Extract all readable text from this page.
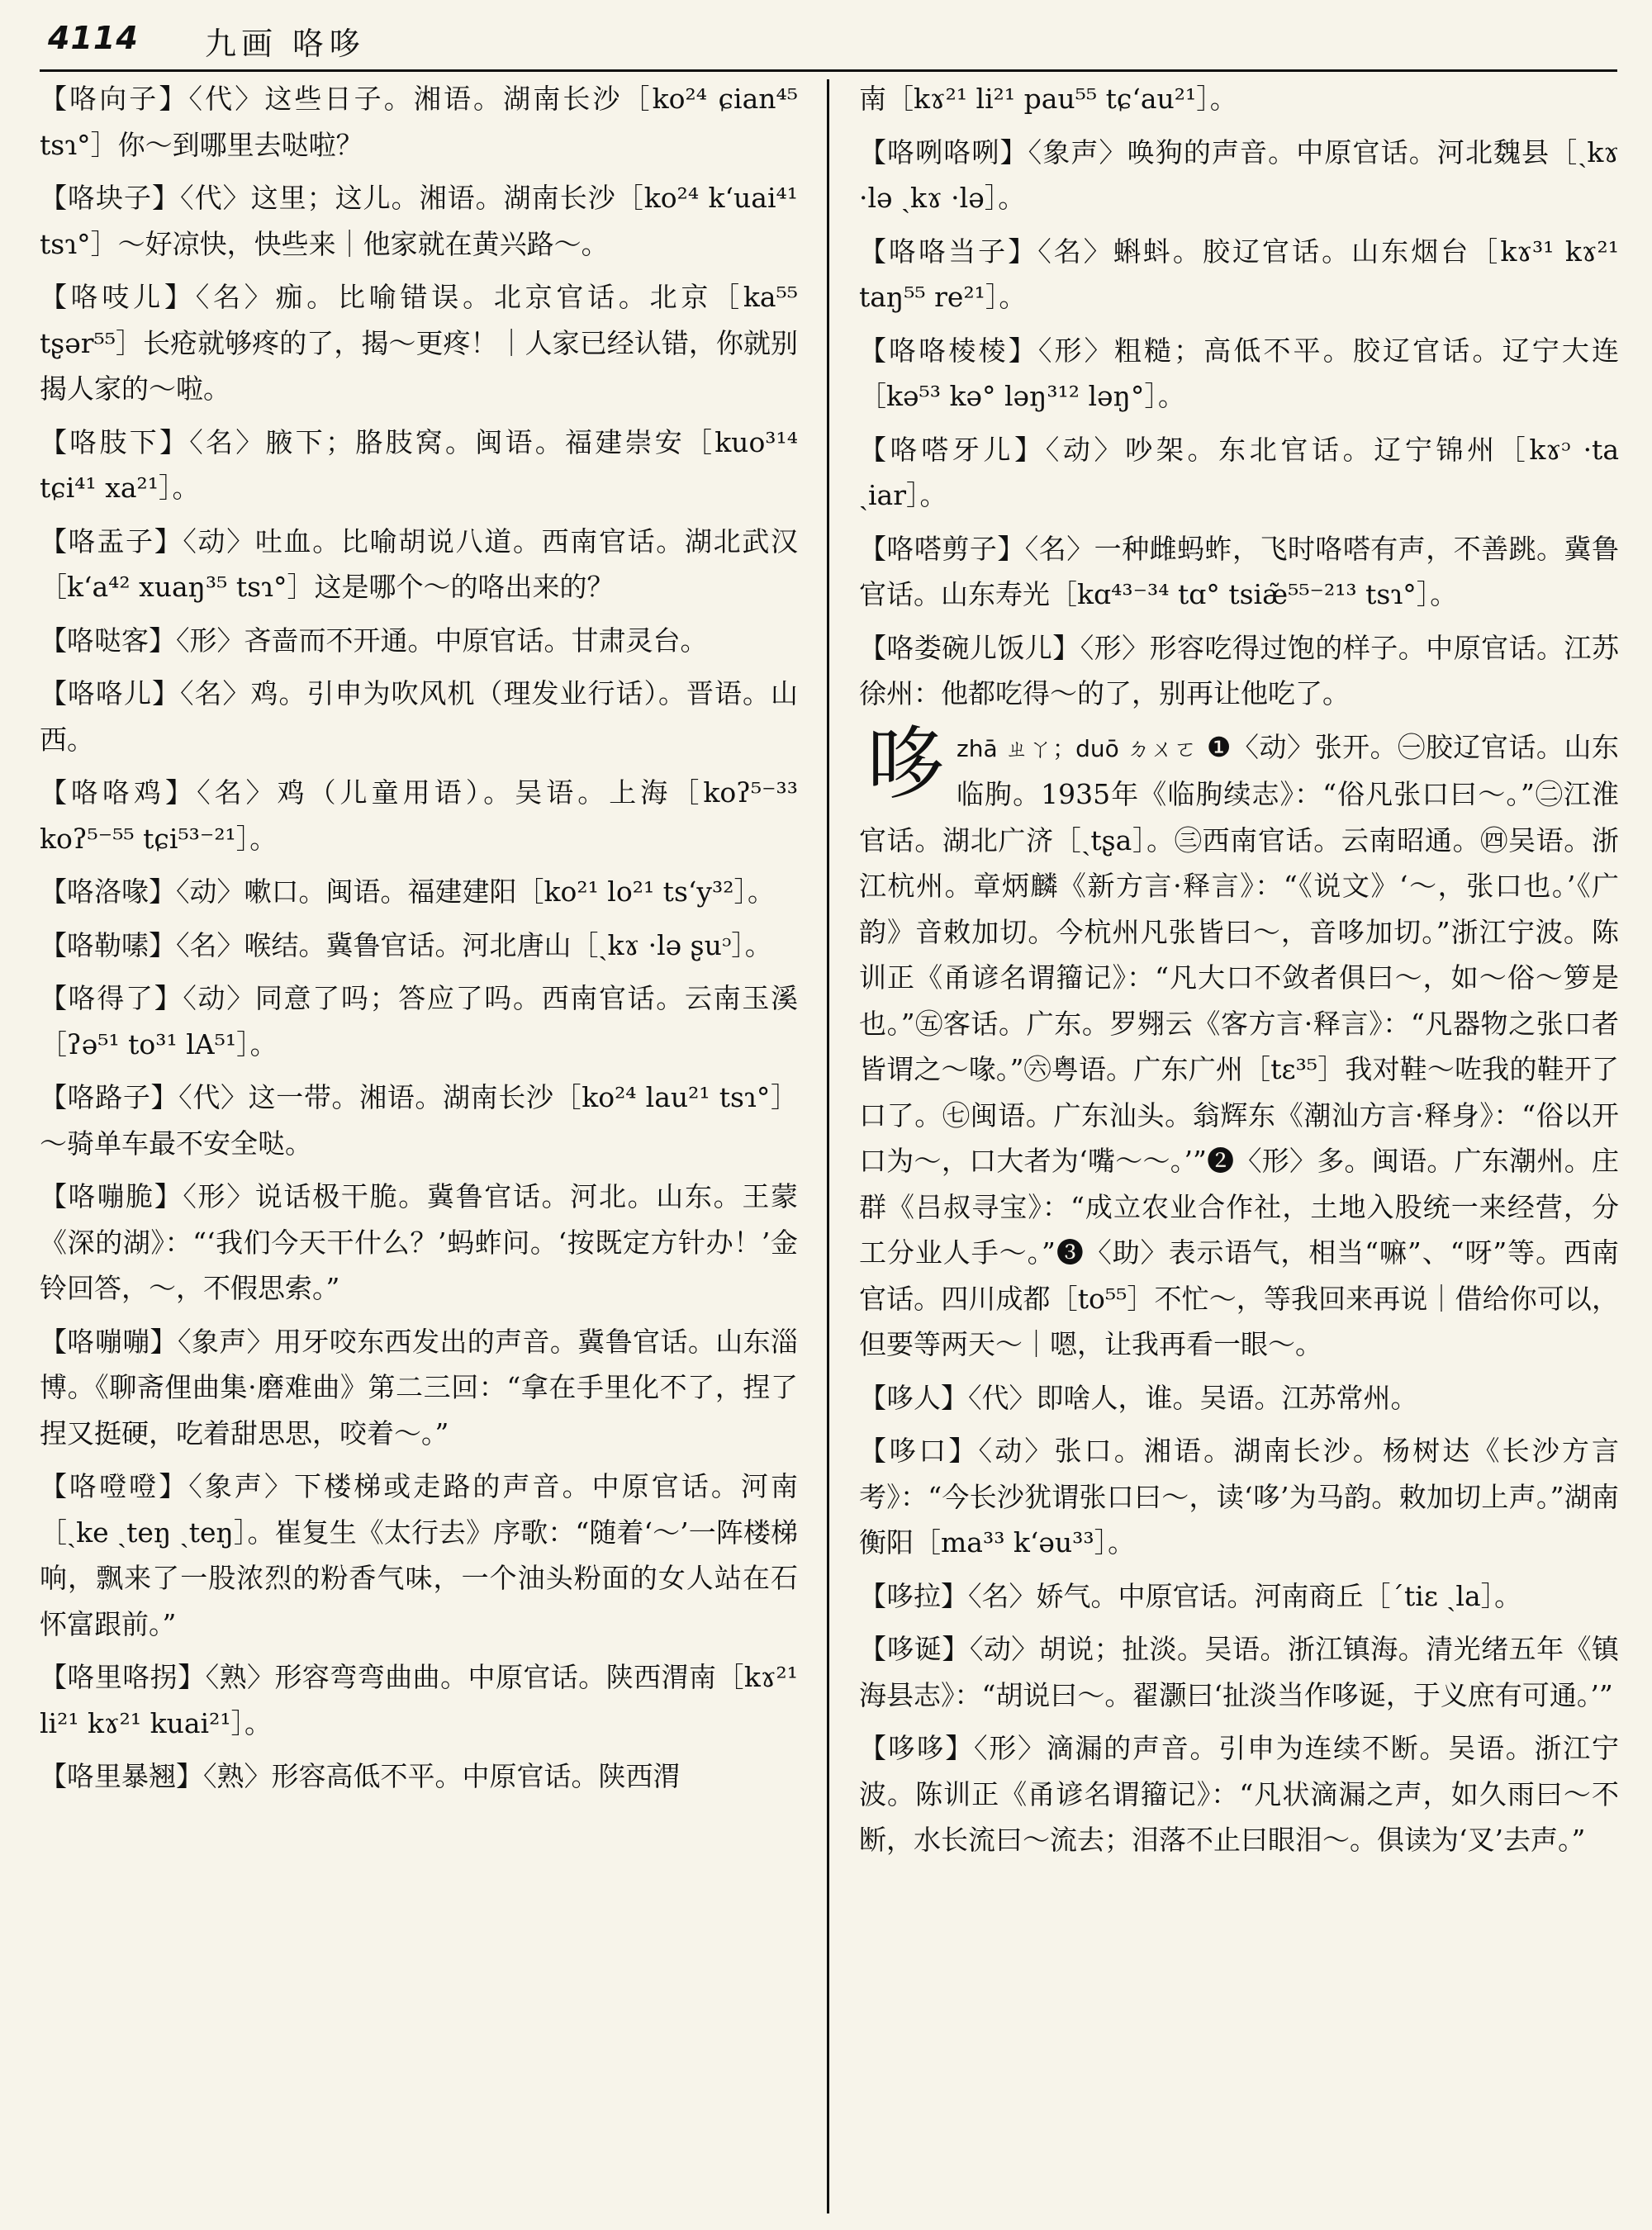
4114 九画 咯哆

【咯向子】〈代〉这些日子。湘语。湖南长沙［ko²⁴ ɕian⁴⁵ tsɿ°］你～到哪里去哒啦？

【咯块子】〈代〉这里；这儿。湘语。湖南长沙［ko²⁴ k‘uai⁴¹ tsɿ°］～好凉快，快些来｜他家就在黄兴路～。

【咯吱儿】〈名〉痂。比喻错误。北京官话。北京［ka⁵⁵ tʂər⁵⁵］长疮就够疼的了，揭～更疼！｜人家已经认错，你就别揭人家的～啦。

【咯肢下】〈名〉腋下；胳肢窝。闽语。福建崇安［kuo³¹⁴ tɕi⁴¹ xa²¹］。

【咯盂子】〈动〉吐血。比喻胡说八道。西南官话。湖北武汉［k‘a⁴² xuaŋ³⁵ tsɿ°］这是哪个～的咯出来的？

【咯哒客】〈形〉吝啬而不开通。中原官话。甘肃灵台。

【咯咯儿】〈名〉鸡。引申为吹风机（理发业行话）。晋语。山西。

【咯咯鸡】〈名〉鸡（儿童用语）。吴语。上海［koʔ⁵⁻³³ koʔ⁵⁻⁵⁵ tɕi⁵³⁻²¹］。

【咯洛喙】〈动〉嗽口。闽语。福建建阳［ko²¹ lo²¹ ts‘y³²］。

【咯勒嗉】〈名〉喉结。冀鲁官话。河北唐山［ˏkɤ ·lə ʂuᵓ］。

【咯得了】〈动〉同意了吗；答应了吗。西南官话。云南玉溪［ʔə⁵¹ to³¹ lA⁵¹］。

【咯路子】〈代〉这一带。湘语。湖南长沙［ko²⁴ lau²¹ tsɿ°］～骑单车最不安全哒。

【咯嘣脆】〈形〉说话极干脆。冀鲁官话。河北。山东。王蒙《深的湖》：“‘我们今天干什么？’蚂蚱问。‘按既定方针办！’金铃回答，～，不假思索。”

【咯嘣嘣】〈象声〉用牙咬东西发出的声音。冀鲁官话。山东淄博。《聊斋俚曲集·磨难曲》第二三回：“拿在手里化不了，捏了捏又挺硬，吃着甜思思，咬着～。”

【咯噔噔】〈象声〉下楼梯或走路的声音。中原官话。河南［ˏke ˏteŋ ˏteŋ］。崔复生《太行去》序歌：“随着‘～’一阵楼梯响，飘来了一股浓烈的粉香气味，一个油头粉面的女人站在石怀富跟前。”

【咯里咯拐】〈熟〉形容弯弯曲曲。中原官话。陕西渭南［kɤ²¹ li²¹ kɤ²¹ kuai²¹］。

【咯里暴翘】〈熟〉形容高低不平。中原官话。陕西渭

南［kɤ²¹ li²¹ pau⁵⁵ tɕ‘au²¹］。

【咯咧咯咧】〈象声〉唤狗的声音。中原官话。河北魏县［ˏkɤ ·lə ˏkɤ ·lə］。

【咯咯当子】〈名〉蝌蚪。胶辽官话。山东烟台［kɤ³¹ kɤ²¹ taŋ⁵⁵ re²¹］。

【咯咯棱棱】〈形〉粗糙；高低不平。胶辽官话。辽宁大连［kə⁵³ kə° ləŋ³¹² ləŋ°］。

【咯嗒牙儿】〈动〉吵架。东北官话。辽宁锦州［kɤᵓ ·ta ˏiar］。

【咯嗒剪子】〈名〉一种雌蚂蚱，飞时咯嗒有声，不善跳。冀鲁官话。山东寿光［kɑ⁴³⁻³⁴ tɑ° tsiæ̃⁵⁵⁻²¹³ tsɿ°］。

【咯娄碗儿饭儿】〈形〉形容吃得过饱的样子。中原官话。江苏徐州：他都吃得～的了，别再让他吃了。

哆 zhā ㄓㄚ；duō ㄉㄨㄛ ❶〈动〉张开。㊀胶辽官话。山东临朐。1935年《临朐续志》：“俗凡张口曰～。”㊁江淮官话。湖北广济［ˏtʂa］。㊂西南官话。云南昭通。㊃吴语。浙江杭州。章炳麟《新方言·释言》：“《说文》‘～，张口也。’《广韵》音敕加切。今杭州凡张皆曰～，音哆加切。”浙江宁波。陈训正《甬谚名谓籀记》：“凡大口不敛者俱曰～，如～俗～箩是也。”㊄客话。广东。罗翙云《客方言·释言》：“凡器物之张口者皆谓之～喙。”㊅粤语。广东广州［tɛ³⁵］我对鞋～咗我的鞋开了口了。㊆闽语。广东汕头。翁辉东《潮汕方言·释身》：“俗以开口为～，口大者为‘嘴～～。’”❷〈形〉多。闽语。广东潮州。庄群《吕叔寻宝》：“成立农业合作社，土地入股统一来经营，分工分业人手～。”❸〈助〉表示语气，相当“嘛”、“呀”等。西南官话。四川成都［to⁵⁵］不忙～，等我回来再说｜借给你可以，但要等两天～｜嗯，让我再看一眼～。

【哆人】〈代〉即啥人，谁。吴语。江苏常州。

【哆口】〈动〉张口。湘语。湖南长沙。杨树达《长沙方言考》：“今长沙犹谓张口曰～，读‘哆’为马韵。敕加切上声。”湖南衡阳［ma³³ k‘əu³³］。

【哆拉】〈名〉娇气。中原官话。河南商丘［ˊtiɛ ˏla］。

【哆诞】〈动〉胡说；扯淡。吴语。浙江镇海。清光绪五年《镇海县志》：“胡说曰～。翟灏曰‘扯淡当作哆诞，于义庶有可通。’”

【哆哆】〈形〉滴漏的声音。引申为连续不断。吴语。浙江宁波。陈训正《甬谚名谓籀记》：“凡状滴漏之声，如久雨曰～不断，水长流曰～流去；泪落不止曰眼泪～。俱读为‘叉’去声。”
